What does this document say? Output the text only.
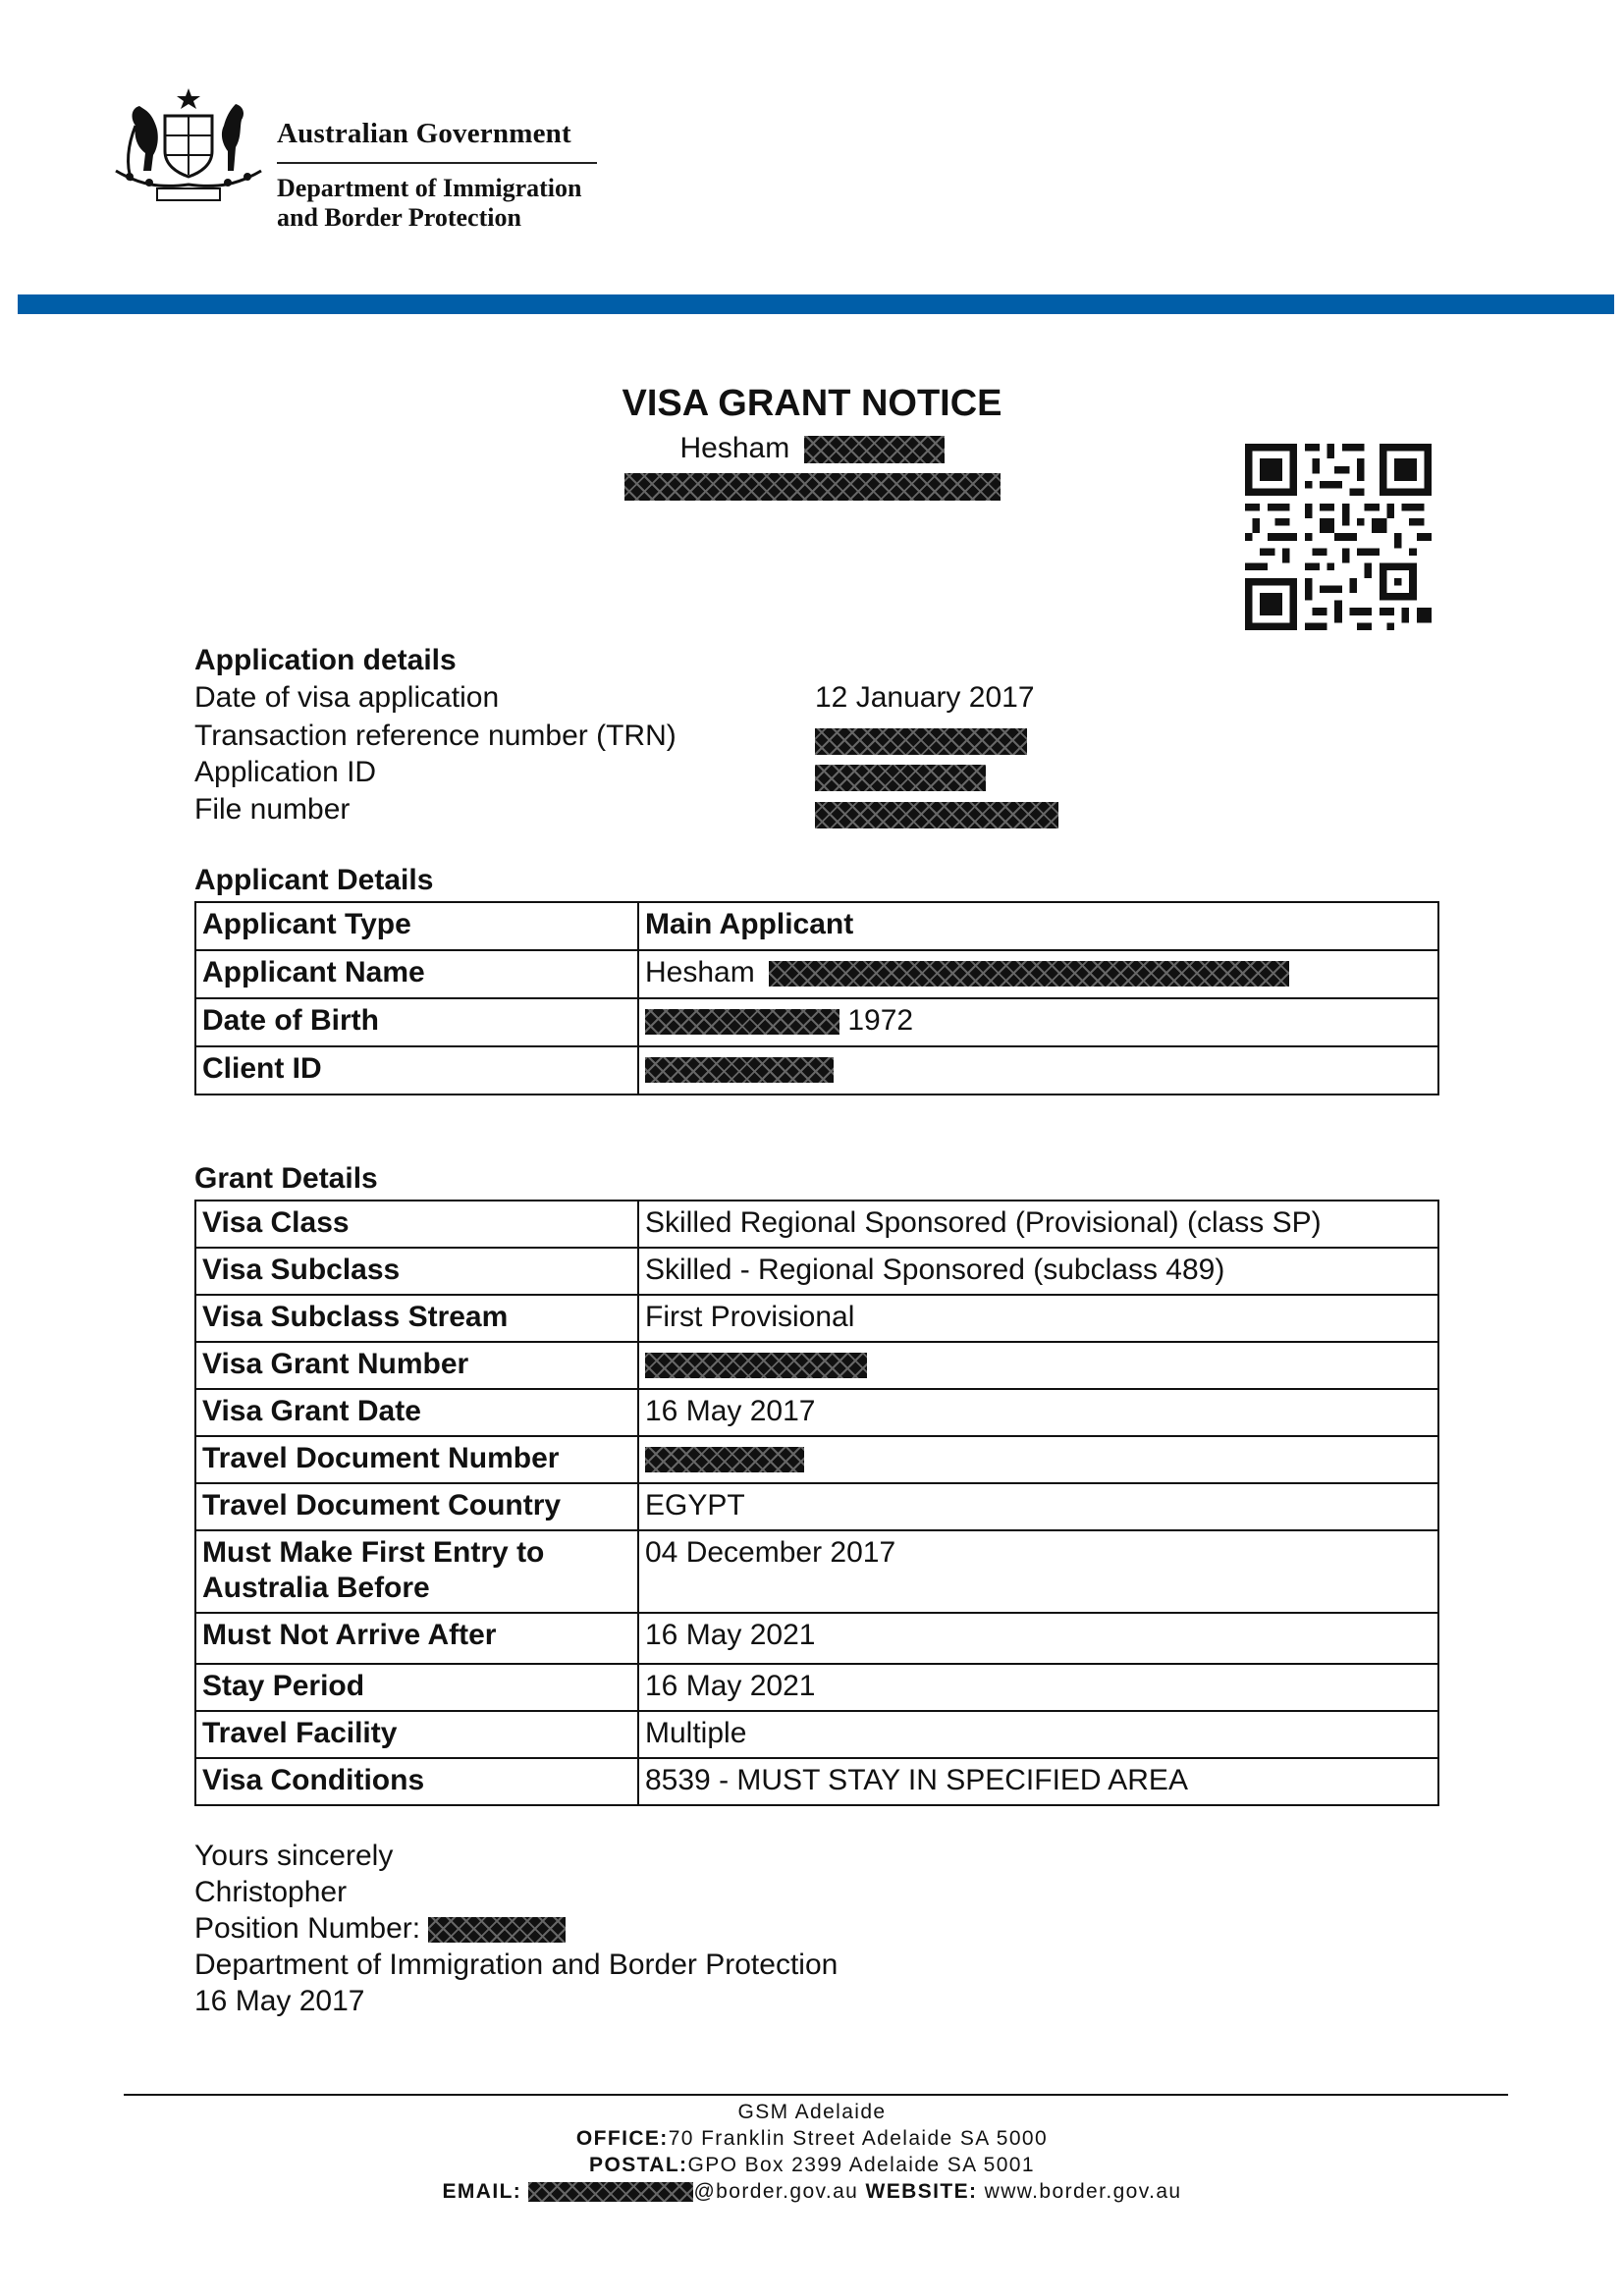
Australian Government
Department of Immigration
and Border Protection
VISA GRANT NOTICE
Hesham

Application details
Date of visa application	12 January 2017
Transaction reference number (TRN)
Application ID
File number
Applicant Details
Applicant Type	Main Applicant
Applicant Name	Hesham
Date of Birth	1972
Client ID	
Grant Details
Visa Class	Skilled Regional Sponsored (Provisional) (class SP)
Visa Subclass	Skilled - Regional Sponsored (subclass 489)
Visa Subclass Stream	First Provisional
Visa Grant Number	
Visa Grant Date	16 May 2017
Travel Document Number	
Travel Document Country	EGYPT
Must Make First Entry to Australia Before	04 December 2017
Must Not Arrive After	16 May 2021
Stay Period	16 May 2021
Travel Facility	Multiple
Visa Conditions	8539 - MUST STAY IN SPECIFIED AREA
Yours sincerely
Christopher
Position Number:
Department of Immigration and Border Protection
16 May 2017
GSM Adelaide
OFFICE:70 Franklin Street Adelaide SA 5000
POSTAL:GPO Box 2399 Adelaide SA 5001
EMAIL:	@border.gov.au WEBSITE: www.border.gov.au
